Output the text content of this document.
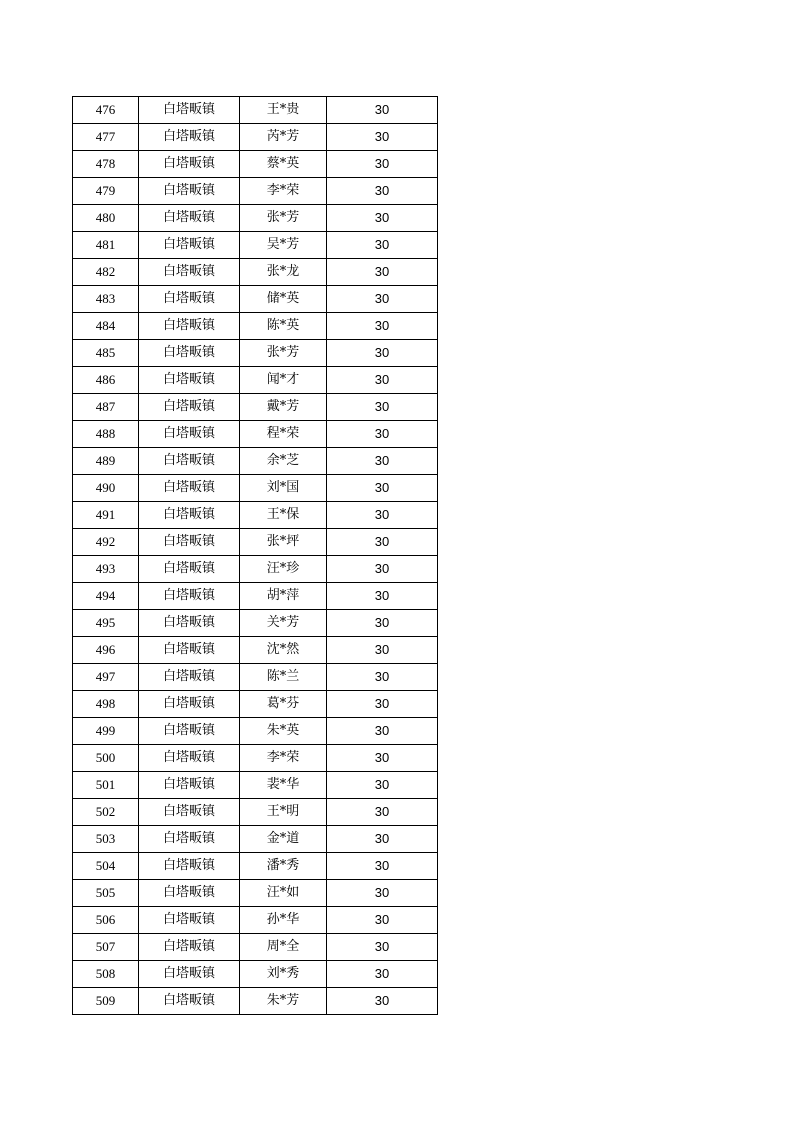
476	白塔畈镇	王*贵	30
477	白塔畈镇	芮*芳	30
478	白塔畈镇	蔡*英	30
479	白塔畈镇	李*荣	30
480	白塔畈镇	张*芳	30
481	白塔畈镇	吴*芳	30
482	白塔畈镇	张*龙	30
483	白塔畈镇	储*英	30
484	白塔畈镇	陈*英	30
485	白塔畈镇	张*芳	30
486	白塔畈镇	闻*才	30
487	白塔畈镇	戴*芳	30
488	白塔畈镇	程*荣	30
489	白塔畈镇	余*芝	30
490	白塔畈镇	刘*国	30
491	白塔畈镇	王*保	30
492	白塔畈镇	张*坪	30
493	白塔畈镇	汪*珍	30
494	白塔畈镇	胡*萍	30
495	白塔畈镇	关*芳	30
496	白塔畈镇	沈*然	30
497	白塔畈镇	陈*兰	30
498	白塔畈镇	葛*芬	30
499	白塔畈镇	朱*英	30
500	白塔畈镇	李*荣	30
501	白塔畈镇	裴*华	30
502	白塔畈镇	王*明	30
503	白塔畈镇	金*道	30
504	白塔畈镇	潘*秀	30
505	白塔畈镇	汪*如	30
506	白塔畈镇	孙*华	30
507	白塔畈镇	周*全	30
508	白塔畈镇	刘*秀	30
509	白塔畈镇	朱*芳	30
